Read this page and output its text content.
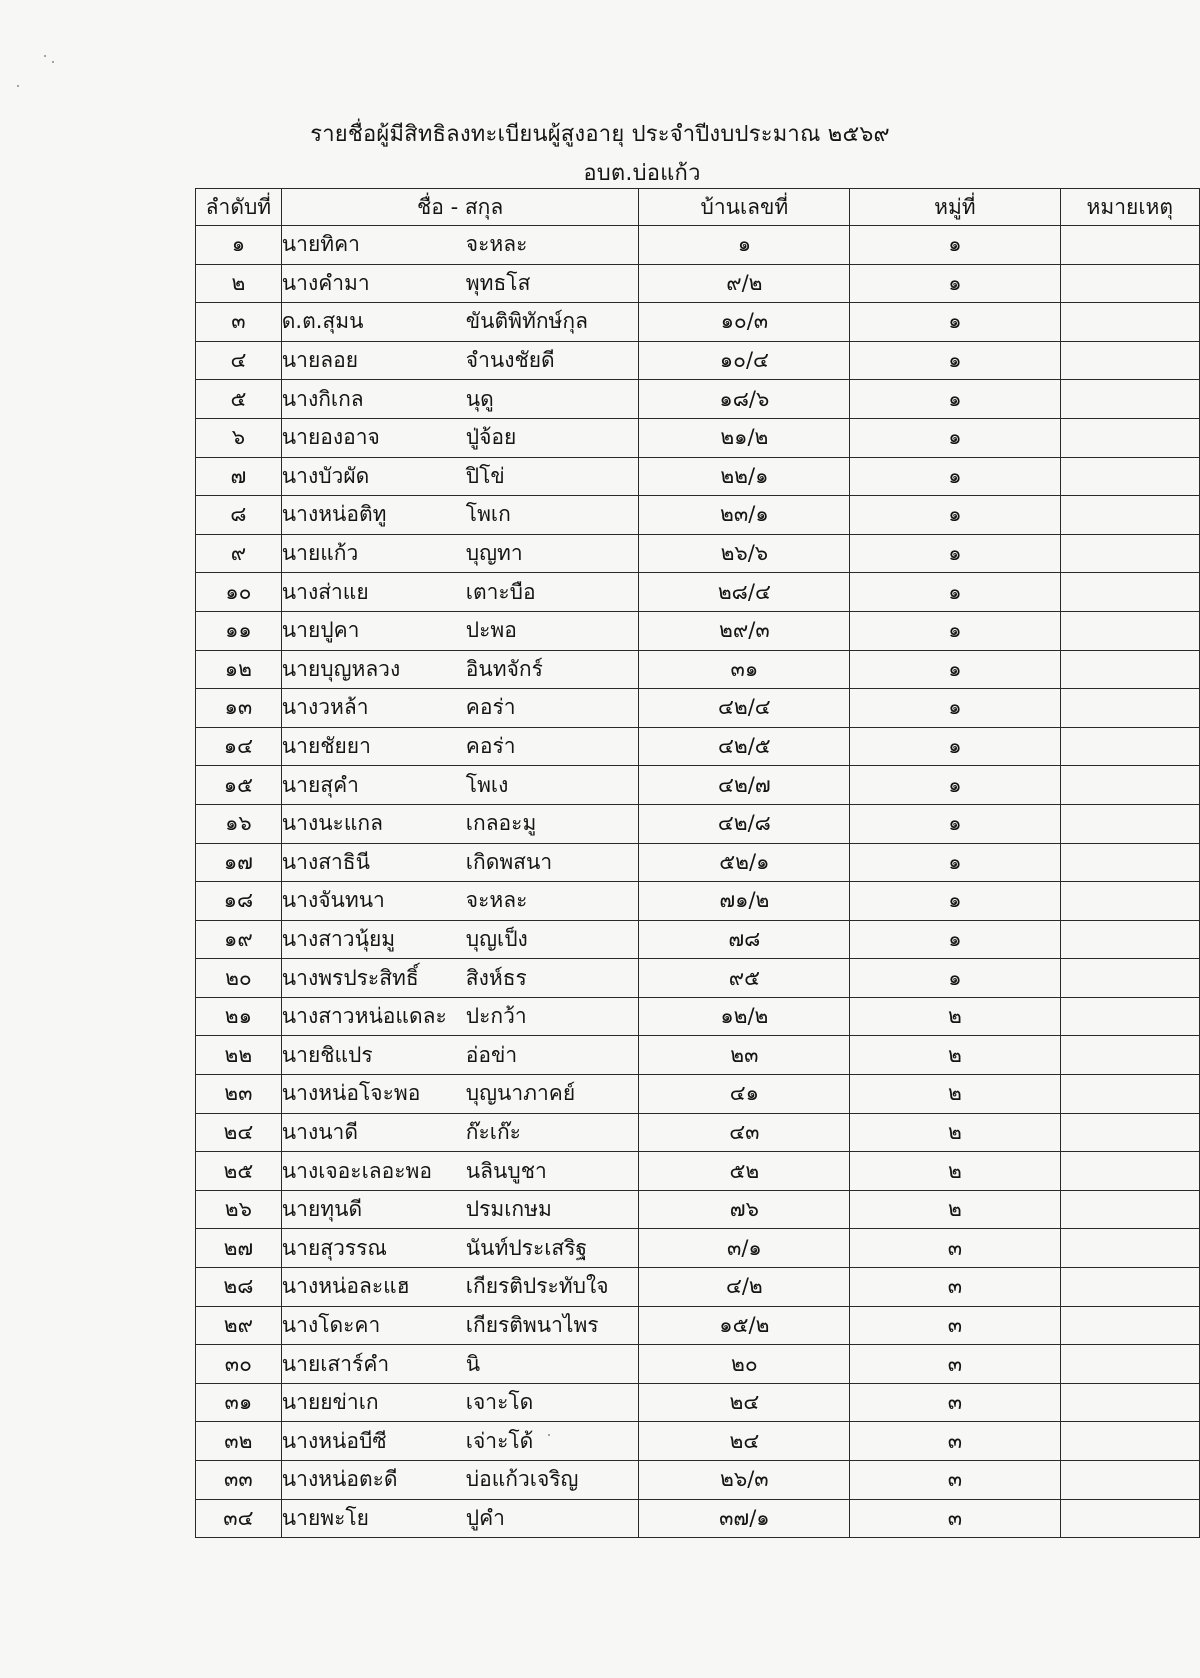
รายชื่อผู้มีสิทธิลงทะเบียนผู้สูงอายุ ประจำปีงบประมาณ ๒๕๖๙
อบต.บ่อแก้ว
ลำดับที่	ชื่อ - สกุล	บ้านเลขที่	หมู่ที่	หมายเหตุ
๑	นายทิคา จะหละ	๑	๑	
๒	นางคำมา พุทธโส	๙/๒	๑	
๓	ด.ต.สุมน ขันติพิทักษ์กุล	๑๐/๓	๑	
๔	นายลอย จำนงชัยดี	๑๐/๔	๑	
๕	นางกิเกล นุดู	๑๘/๖	๑	
๖	นายองอาจ ปู่จ้อย	๒๑/๒	๑	
๗	นางบัวผัด ปิโข่	๒๒/๑	๑	
๘	นางหน่อติทู โพเก	๒๓/๑	๑	
๙	นายแก้ว บุญทา	๒๖/๖	๑	
๑๐	นางส่าแย เตาะบือ	๒๘/๔	๑	
๑๑	นายปูคา ปะพอ	๒๙/๓	๑	
๑๒	นายบุญหลวง อินทจักร์	๓๑	๑	
๑๓	นางวหล้า คอร่า	๔๒/๔	๑	
๑๔	นายชัยยา คอร่า	๔๒/๕	๑	
๑๕	นายสุคำ โพเง	๔๒/๗	๑	
๑๖	นางนะแกล เกลอะมู	๔๒/๘	๑	
๑๗	นางสาธินี เกิดพสนา	๕๒/๑	๑	
๑๘	นางจันทนา จะหละ	๗๑/๒	๑	
๑๙	นางสาวนุ้ยมู บุญเป็ง	๗๘	๑	
๒๐	นางพรประสิทธิ์ สิงห์ธร	๙๕	๑	
๒๑	นางสาวหน่อแดละ ปะกว้า	๑๒/๒	๒	
๒๒	นายชิแปร อ่อข่า	๒๓	๒	
๒๓	นางหน่อโจะพอ บุญนาภาคย์	๔๑	๒	
๒๔	นางนาดี ก๊ะเก๊ะ	๔๓	๒	
๒๕	นางเจอะเลอะพอ นลินบูชา	๕๒	๒	
๒๖	นายทุนดี ปรมเกษม	๗๖	๒	
๒๗	นายสุวรรณ นันท์ประเสริฐ	๓/๑	๓	
๒๘	นางหน่อละแฮ เกียรติประทับใจ	๔/๒	๓	
๒๙	นางโดะคา เกียรติพนาไพร	๑๕/๒	๓	
๓๐	นายเสาร์คำ นิ	๒๐	๓	
๓๑	นายยข่าเก เจาะโด	๒๔	๓	
๓๒	นางหน่อบีซี เจ่าะโด้	๒๔	๓	
๓๓	นางหน่อตะดี บ่อแก้วเจริญ	๒๖/๓	๓	
๓๔	นายพะโย ปูคำ	๓๗/๑	๓	
